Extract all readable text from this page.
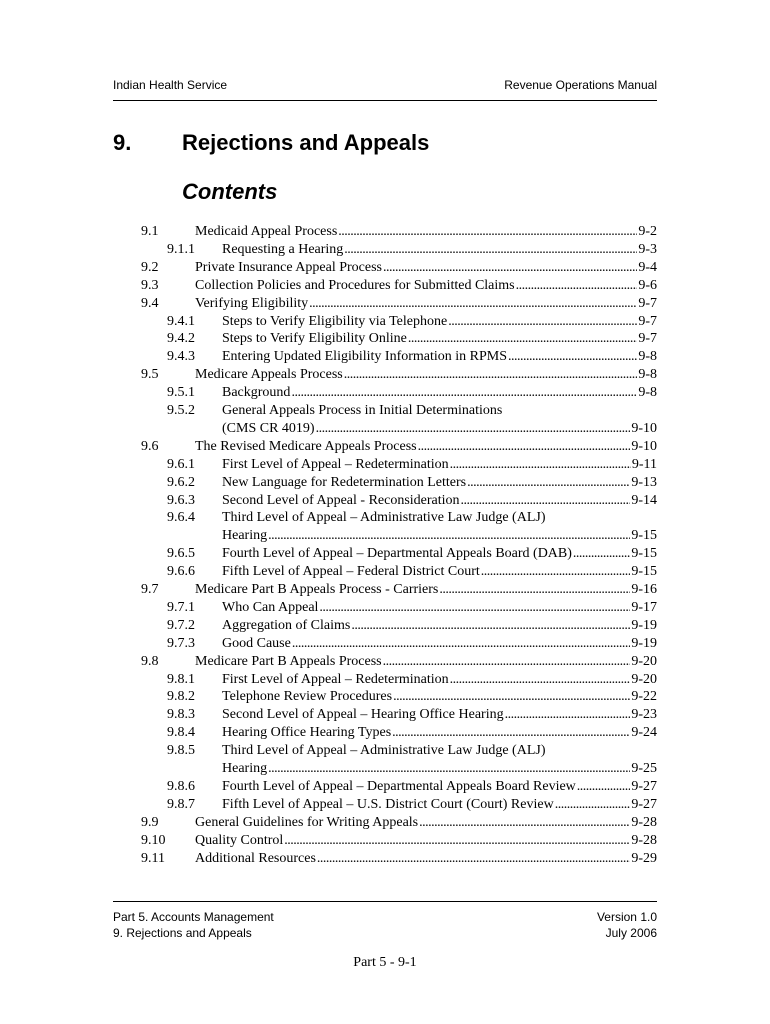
Indian Health Service	Revenue Operations Manual
9. Rejections and Appeals
Contents
9.1	Medicaid Appeal Process . . .	9-2
9.1.1 Requesting a Hearing . . .	9-3
9.2	Private Insurance Appeal Process . . .	9-4
9.3	Collection Policies and Procedures for Submitted Claims . . .	9-6
9.4	Verifying Eligibility . . .	9-7
9.4.1 Steps to Verify Eligibility via Telephone . . .	9-7
9.4.2 Steps to Verify Eligibility Online . . .	9-7
9.4.3 Entering Updated Eligibility Information in RPMS . . .	9-8
9.5	Medicare Appeals Process . . .	9-8
9.5.1 Background . . .	9-8
9.5.2 General Appeals Process in Initial Determinations
(CMS CR 4019) . . .	9-10
9.6	The Revised Medicare Appeals Process . . .	9-10
9.6.1 First Level of Appeal – Redetermination . . .	9-11
9.6.2 New Language for Redetermination Letters . . .	9-13
9.6.3 Second Level of Appeal - Reconsideration . . .	9-14
9.6.4 Third Level of Appeal – Administrative Law Judge (ALJ)
Hearing . . .	9-15
9.6.5 Fourth Level of Appeal – Departmental Appeals Board (DAB) . . .	9-15
9.6.6 Fifth Level of Appeal – Federal District Court . . .	9-15
9.7	Medicare Part B Appeals Process - Carriers . . .	9-16
9.7.1 Who Can Appeal . . .	9-17
9.7.2 Aggregation of Claims . . .	9-19
9.7.3 Good Cause . . .	9-19
9.8	Medicare Part B Appeals Process . . .	9-20
9.8.1 First Level of Appeal – Redetermination . . .	9-20
9.8.2 Telephone Review Procedures . . .	9-22
9.8.3 Second Level of Appeal – Hearing Office Hearing . . .	9-23
9.8.4 Hearing Office Hearing Types . . .	9-24
9.8.5 Third Level of Appeal – Administrative Law Judge (ALJ)
Hearing . . .	9-25
9.8.6 Fourth Level of Appeal – Departmental Appeals Board Review . . .	9-27
9.8.7 Fifth Level of Appeal – U.S. District Court (Court) Review . . .	9-27
9.9	General Guidelines for Writing Appeals . . .	9-28
9.10 Quality Control . . .	9-28
9.11 Additional Resources . . .	9-29
Part 5. Accounts Management
9. Rejections and Appeals
Version 1.0
July 2006
Part 5 - 9-1
